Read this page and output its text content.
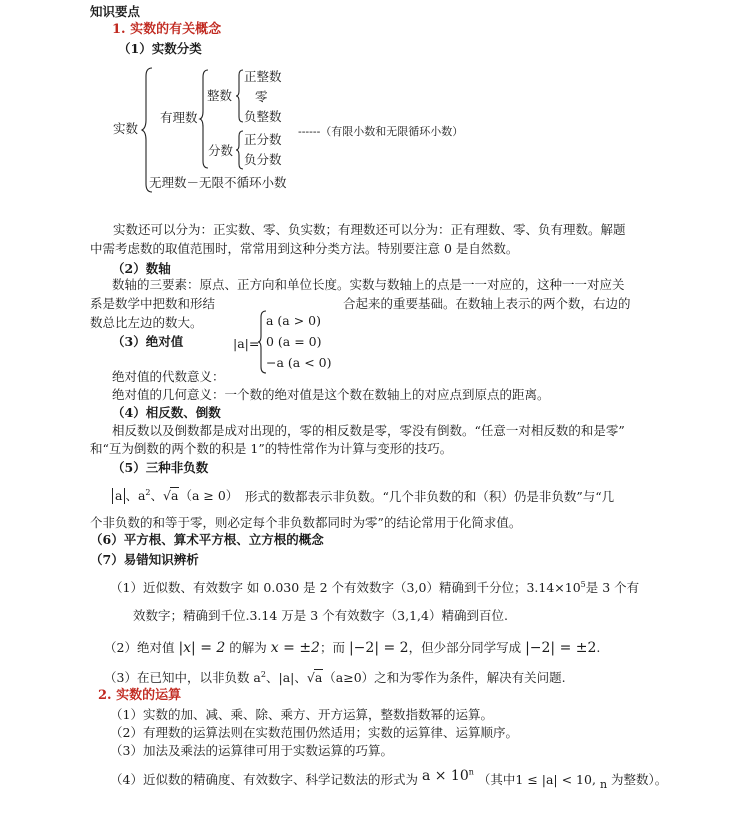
知识要点
1. 实数的有关概念
（1）实数分类
实数
有理数
整数
正整数
零
负整数
分数
正分数
负分数
------（有限小数和无限循环小数）
无理数－无限不循环小数
实数还可以分为：正实数、零、负实数；有理数还可以分为：正有理数、零、负有理数。解题
中需考虑数的取值范围时，常常用到这种分类方法。特别要注意 0 是自然数。
（2）数轴
数轴的三要素：原点、正方向和单位长度。实数与数轴上的点是一一对应的，这种一一对应关
系是数学中把数和形结	合起来的重要基础。在数轴上表示的两个数，右边的
数总比左边的数大。
（3）绝对值	|a|=
a (a > 0)
0 (a = 0)
−a (a < 0)
绝对值的代数意义：
绝对值的几何意义：一个数的绝对值是这个数在数轴上的对应点到原点的距离。
（4）相反数、倒数
相反数以及倒数都是成对出现的，零的相反数是零，零没有倒数。“任意一对相反数的和是零”
和“互为倒数的两个数的积是 1”的特性常作为计算与变形的技巧。
（5）三种非负数
a 、$a^2$、√a（a ≥ 0） 形式的数都表示非负数。“几个非负数的和（积）仍是非负数”与“几
个非负数的和等于零，则必定每个非负数都同时为零”的结论常用于化简求值。
（6）平方根、算术平方根、立方根的概念
（7）易错知识辨析
（1）近似数、有效数字 如 0.030 是 2 个有效数字（3,0）精确到千分位；$3.14\times 10^5$是 3 个有
效数字；精确到千位.3.14 万是 3 个有效数字（3,1,4）精确到百位.
（2）绝对值 |x| = 2 的解为 x = ±2；而 |−2| = 2，但少部分同学写成 |−2| = ±2.
（3）在已知中，以非负数 $a^2$、|a|、√a（a≥0）之和为零作为条件，解决有关问题.
2. 实数的运算
（1）实数的加、减、乘、除、乘方、开方运算，整数指数幂的运算。
（2）有理数的运算法则在实数范围仍然适用；实数的运算律、运算顺序。
（3）加法及乘法的运算律可用于实数运算的巧算。
（4）近似数的精确度、有效数字、科学记数法的形式为 $a \times 10^n$ （其中1 ≤ |a| < 10, n 为整数）。
